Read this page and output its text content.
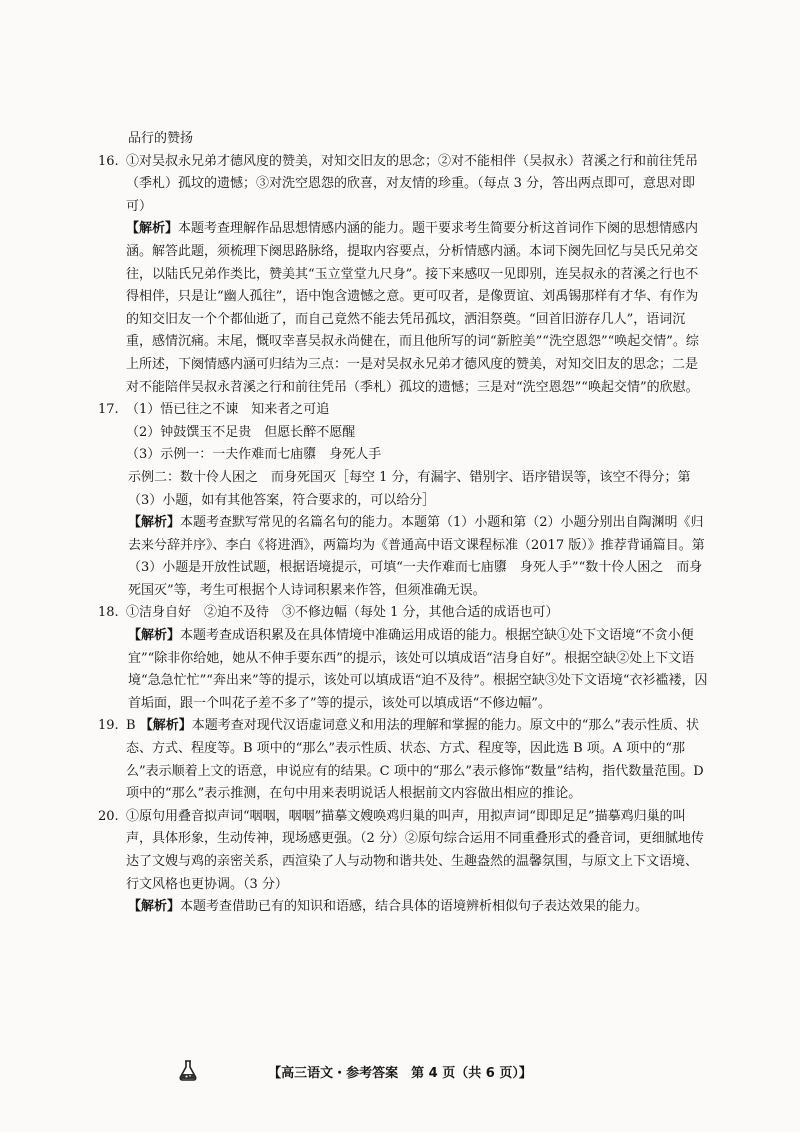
品行的赞扬

16. ①对吴叔永兄弟才德风度的赞美，对知交旧友的思念；②对不能相伴（吴叔永）苕溪之行和前往凭吊（季札）孤坟的遗憾；③对洗空恩怨的欣喜，对友情的珍重。（每点 3 分，答出两点即可，意思对即可）

【解析】本题考查理解作品思想情感内涵的能力。题干要求考生简要分析这首词作下阕的思想情感内涵。解答此题，须梳理下阕思路脉络，提取内容要点，分析情感内涵。本词下阕先回忆与吴氏兄弟交往，以陆氏兄弟作类比，赞美其“玉立堂堂九尺身”。接下来感叹一见即别，连吴叔永的苕溪之行也不得相伴，只是让“幽人孤往”，语中饱含遗憾之意。更可叹者，是像贾谊、刘禹锡那样有才华、有作为的知交旧友一个个都仙逝了，而自己竟然不能去凭吊孤坟，洒泪祭奠。“回首旧游存几人”，语词沉重，感情沉痛。末尾，慨叹幸喜吴叔永尚健在，而且他所写的词“新腔美”“洗空恩怨”“唤起交情”。综上所述，下阕情感内涵可归结为三点：一是对吴叔永兄弟才德风度的赞美，对知交旧友的思念；二是对不能陪伴吴叔永苕溪之行和前往凭吊（季札）孤坟的遗憾；三是对“洗空恩怨”“唤起交情”的欣慰。

17. （1）悟已往之不谏　知来者之可追

（2）钟鼓馔玉不足贵　但愿长醉不愿醒

（3）示例一：一夫作难而七庙隳　身死人手

示例二：数十伶人困之　而身死国灭［每空 1 分，有漏字、错别字、语序错误等，该空不得分；第（3）小题，如有其他答案，符合要求的，可以给分］

【解析】本题考查默写常见的名篇名句的能力。本题第（1）小题和第（2）小题分别出自陶渊明《归去来兮辞并序》、李白《将进酒》，两篇均为《普通高中语文课程标准（2017 版）》推荐背诵篇目。第（3）小题是开放性试题，根据语境提示，可填“一夫作难而七庙隳　身死人手”“数十伶人困之　而身死国灭”等，考生可根据个人诗词积累来作答，但须准确无误。

18. ①洁身自好　②迫不及待　③不修边幅（每处 1 分，其他合适的成语也可）

【解析】本题考查成语积累及在具体情境中准确运用成语的能力。根据空缺①处下文语境“不贪小便宜”“除非你给她，她从不伸手要东西”的提示，该处可以填成语“洁身自好”。根据空缺②处上下文语境“急急忙忙”“奔出来”等的提示，该处可以填成语“迫不及待”。根据空缺③处下文语境“衣衫褴褛，囚首垢面，跟一个叫花子差不多了”等的提示，该处可以填成语“不修边幅”。

19. B 【解析】本题考查对现代汉语虚词意义和用法的理解和掌握的能力。原文中的“那么”表示性质、状态、方式、程度等。B 项中的“那么”表示性质、状态、方式、程度等，因此选 B 项。A 项中的“那么”表示顺着上文的语意，申说应有的结果。C 项中的“那么”表示修饰“数量”结构，指代数量范围。D 项中的“那么”表示推测，在句中用来表明说话人根据前文内容做出相应的推论。

20. ①原句用叠音拟声词“咽咽，咽咽”描摹文嫂唤鸡归巢的叫声，用拟声词“即即足足”描摹鸡归巢的叫声，具体形象，生动传神，现场感更强。（2 分）②原句综合运用不同重叠形式的叠音词，更细腻地传达了文嫂与鸡的亲密关系，西渲染了人与动物和谐共处、生趣盎然的温馨氛围，与原文上下文语境、行文风格也更协调。（3 分）

【解析】本题考查借助已有的知识和语感，结合具体的语境辨析相似句子表达效果的能力。

【高三语文・参考答案　第 4 页（共 6 页）】
